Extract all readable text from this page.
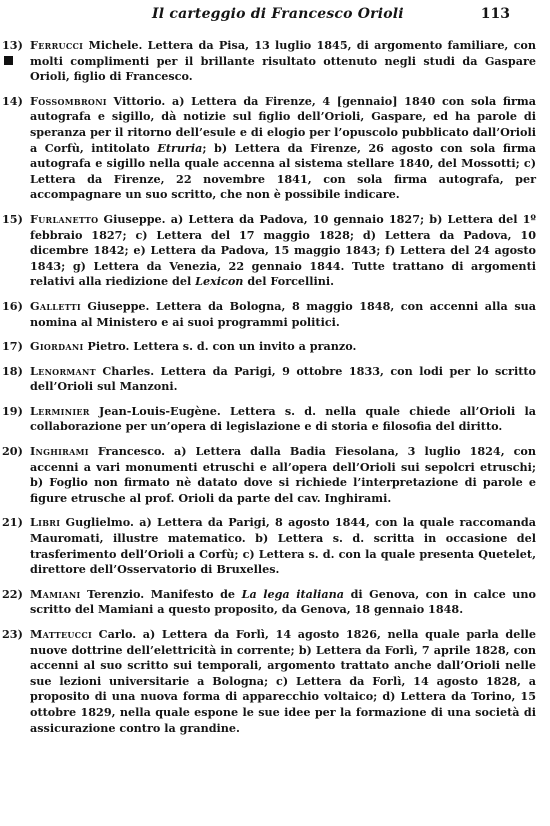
Il carteggio di Francesco Orioli	113
13) Ferrucci Michele. Lettera da Pisa, 13 luglio 1845, di argomento familiare, con molti complimenti per il brillante risultato ottenuto negli studi da Gaspare Orioli, figlio di Francesco.
14) Fossombroni Vittorio. a) Lettera da Firenze, 4 [gennaio] 1840 con sola firma autografa e sigillo, dà notizie sul figlio dell’Orioli, Gaspare, ed ha parole di speranza per il ritorno dell’esule e di elogio per l’opuscolo pubblicato dall’Orioli a Corfù, intitolato Etruria; b) Lettera da Firenze, 26 agosto con sola firma autografa e sigillo nella quale accenna al sistema stellare 1840, del Mossotti; c) Lettera da Firenze, 22 novembre 1841, con sola firma autografa, per accompagnare un suo scritto, che non è possibile indicare.
15) Furlanetto Giuseppe. a) Lettera da Padova, 10 gennaio 1827; b) Lettera del 1º febbraio 1827; c) Lettera del 17 maggio 1828; d) Lettera da Padova, 10 dicembre 1842; e) Lettera da Padova, 15 maggio 1843; f) Lettera del 24 agosto 1843; g) Lettera da Venezia, 22 gennaio 1844. Tutte trattano di argomenti relativi alla riedizione del Lexicon del Forcellini.
16) Galletti Giuseppe. Lettera da Bologna, 8 maggio 1848, con accenni alla sua nomina al Ministero e ai suoi programmi politici.
17) Giordani Pietro. Lettera s. d. con un invito a pranzo.
18) Lenormant Charles. Lettera da Parigi, 9 ottobre 1833, con lodi per lo scritto dell’Orioli sul Manzoni.
19) Lerminier Jean-Louis-Eugène. Lettera s. d. nella quale chiede all’Orioli la collaborazione per un’opera di legislazione e di storia e filosofia del diritto.
20) Inghirami Francesco. a) Lettera dalla Badia Fiesolana, 3 luglio 1824, con accenni a vari monumenti etruschi e all’opera dell’Orioli sui sepolcri etruschi; b) Foglio non firmato nè datato dove si richiede l’interpretazione di parole e figure etrusche al prof. Orioli da parte del cav. Inghirami.
21) Libri Guglielmo. a) Lettera da Parigi, 8 agosto 1844, con la quale raccomanda Mauromati, illustre matematico. b) Lettera s. d. scritta in occasione del trasferimento dell’Orioli a Corfù; c) Lettera s. d. con la quale presenta Quetelet, direttore dell’Osservatorio di Bruxelles.
22) Mamiani Terenzio. Manifesto de La lega italiana di Genova, con in calce uno scritto del Mamiani a questo proposito, da Genova, 18 gennaio 1848.
23) Matteucci Carlo. a) Lettera da Forlì, 14 agosto 1826, nella quale parla delle nuove dottrine dell’elettricità in corrente; b) Lettera da Forlì, 7 aprile 1828, con accenni al suo scritto sui temporali, argomento trattato anche dall’Orioli nelle sue lezioni universitarie a Bologna; c) Lettera da Forlì, 14 agosto 1828, a proposito di una nuova forma di apparecchio voltaico; d) Lettera da Torino, 15 ottobre 1829, nella quale espone le sue idee per la formazione di una società di assicurazione contro la grandine.
